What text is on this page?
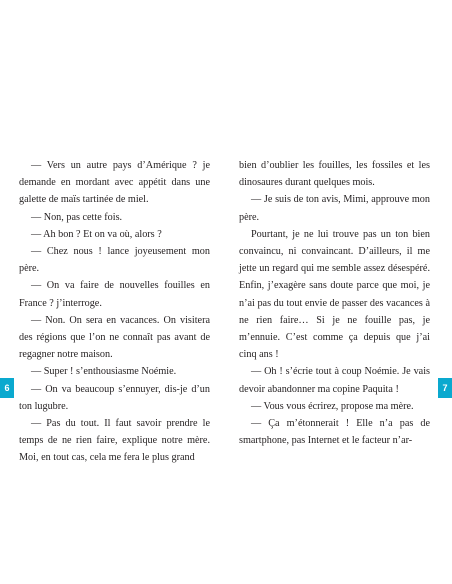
— Vers un autre pays d’Amérique ? je demande en mordant avec appétit dans une galette de maïs tartinée de miel.

— Non, pas cette fois.

— Ah bon ? Et on va où, alors ?

— Chez nous ! lance joyeusement mon père.

— On va faire de nouvelles fouilles en France ? j’interroge.

— Non. On sera en vacances. On visitera des régions que l’on ne connaît pas avant de regagner notre maison.

— Super ! s’enthousiasme Noémie.

— On va beaucoup s’ennuyer, dis-je d’un ton lugubre.

— Pas du tout. Il faut savoir prendre le temps de ne rien faire, explique notre mère. Moi, en tout cas, cela me fera le plus grand

bien d’oublier les fouilles, les fossiles et les dinosaures durant quelques mois.

— Je suis de ton avis, Mimi, approuve mon père.

Pourtant, je ne lui trouve pas un ton bien convaincu, ni convaincant. D’ailleurs, il me jette un regard qui me semble assez désespéré. Enfin, j’exagère sans doute parce que moi, je n’ai pas du tout envie de passer des vacances à ne rien faire… Si je ne fouille pas, je m’ennuie. C’est comme ça depuis que j’ai cinq ans !

— Oh ! s’écrie tout à coup Noémie. Je vais devoir abandonner ma copine Paquita !

— Vous vous écrirez, propose ma mère.

— Ça m’étonnerait ! Elle n’a pas de smartphone, pas Internet et le facteur n’ar-

6	7
